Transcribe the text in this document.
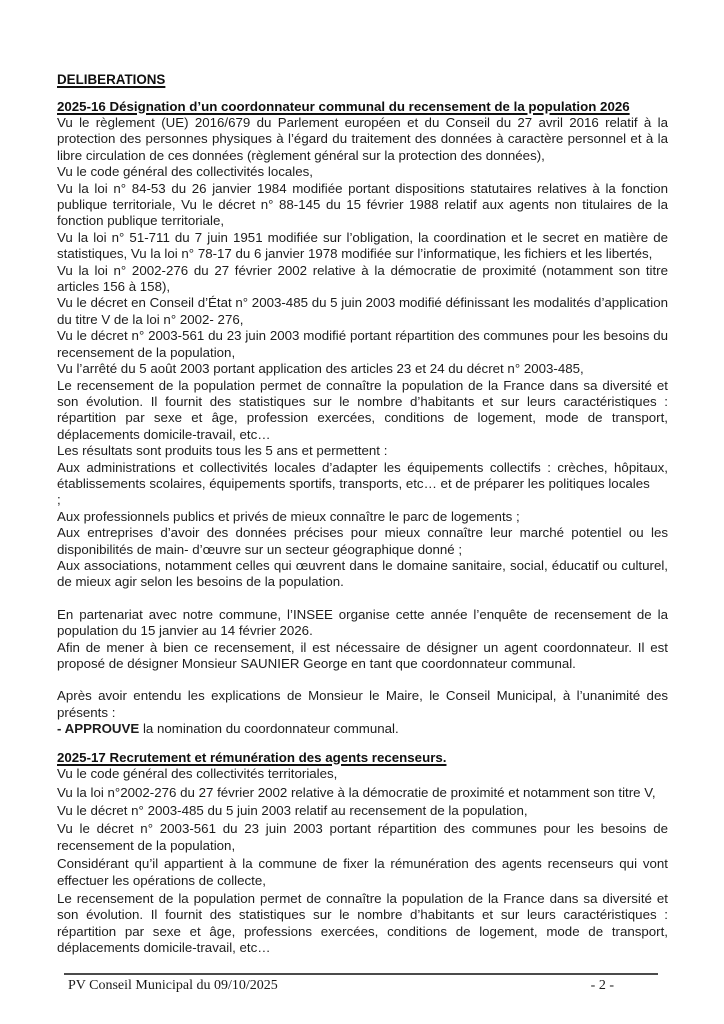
DELIBERATIONS
2025-16 Désignation d’un coordonnateur communal du recensement de la population 2026

Vu le règlement (UE) 2016/679 du Parlement européen et du Conseil du 27 avril 2016 relatif à la protection des personnes physiques à l’égard du traitement des données à caractère personnel et à la libre circulation de ces données (règlement général sur la protection des données),

Vu le code général des collectivités locales,

Vu la loi n° 84-53 du 26 janvier 1984 modifiée portant dispositions statutaires relatives à la fonction publique territoriale, Vu le décret n° 88-145 du 15 février 1988 relatif aux agents non titulaires de la fonction publique territoriale,

Vu la loi n° 51-711 du 7 juin 1951 modifiée sur l’obligation, la coordination et le secret en matière de statistiques, Vu la loi n° 78-17 du 6 janvier 1978 modifiée sur l’informatique, les fichiers et les libertés,

Vu la loi n° 2002-276 du 27 février 2002 relative à la démocratie de proximité (notamment son titre articles 156 à 158),

Vu le décret en Conseil d’État n° 2003-485 du 5 juin 2003 modifié définissant les modalités d’application du titre V de la loi n° 2002- 276,

Vu le décret n° 2003-561 du 23 juin 2003 modifié portant répartition des communes pour les besoins du recensement de la population,

Vu l’arrêté du 5 août 2003 portant application des articles 23 et 24 du décret n° 2003-485,

Le recensement de la population permet de connaître la population de la France dans sa diversité et son évolution. Il fournit des statistiques sur le nombre d’habitants et sur leurs caractéristiques : répartition par sexe et âge, profession exercées, conditions de logement, mode de transport, déplacements domicile-travail, etc…

Les résultats sont produits tous les 5 ans et permettent :

Aux administrations et collectivités locales d’adapter les équipements collectifs : crèches, hôpitaux, établissements scolaires, équipements sportifs, transports, etc… et de préparer les politiques locales

;

Aux professionnels publics et privés de mieux connaître le parc de logements ;

Aux entreprises d’avoir des données précises pour mieux connaître leur marché potentiel ou les disponibilités de main- d’œuvre sur un secteur géographique donné ;

Aux associations, notamment celles qui œuvrent dans le domaine sanitaire, social, éducatif ou culturel, de mieux agir selon les besoins de la population.

En partenariat avec notre commune, l’INSEE organise cette année l’enquête de recensement de la population du 15 janvier au 14 février 2026.

Afin de mener à bien ce recensement, il est nécessaire de désigner un agent coordonnateur. Il est proposé de désigner Monsieur SAUNIER George en tant que coordonnateur communal.

Après avoir entendu les explications de Monsieur le Maire, le Conseil Municipal, à l’unanimité des présents :

- APPROUVE la nomination du coordonnateur communal.

2025-17 Recrutement et rémunération des agents recenseurs.

Vu le code général des collectivités territoriales,

Vu la loi n°2002-276 du 27 février 2002 relative à la démocratie de proximité et notamment son titre V,

Vu le décret n° 2003-485 du 5 juin 2003 relatif au recensement de la population,

Vu le décret n° 2003-561 du 23 juin 2003 portant répartition des communes pour les besoins de recensement de la population,

Considérant qu’il appartient à la commune de fixer la rémunération des agents recenseurs qui vont effectuer les opérations de collecte,

Le recensement de la population permet de connaître la population de la France dans sa diversité et son évolution. Il fournit des statistiques sur le nombre d’habitants et sur leurs caractéristiques : répartition par sexe et âge, professions exercées, conditions de logement, mode de transport, déplacements domicile-travail, etc…

PV Conseil Municipal du 09/10/2025	- 2 -
